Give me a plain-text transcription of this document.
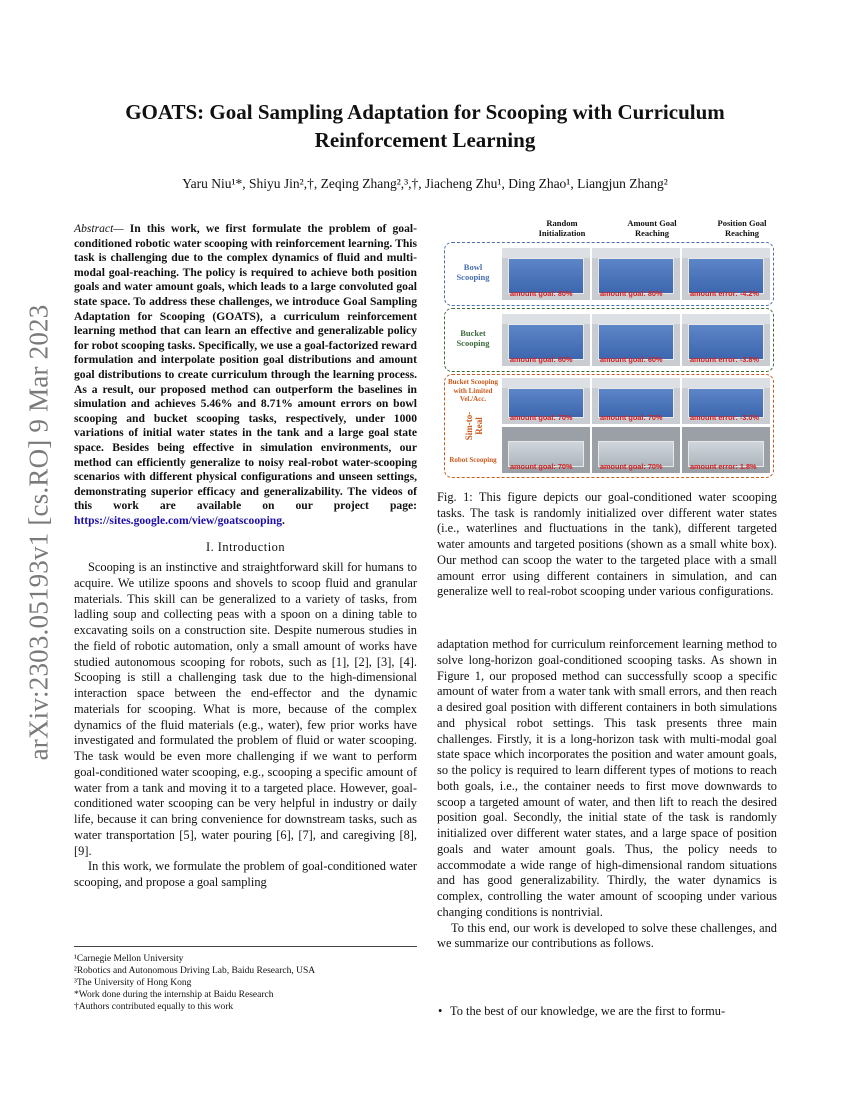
arXiv:2303.05193v1 [cs.RO] 9 Mar 2023
GOATS: Goal Sampling Adaptation for Scooping with Curriculum Reinforcement Learning
Yaru Niu¹*, Shiyu Jin²,†, Zeqing Zhang²,³,†, Jiacheng Zhu¹, Ding Zhao¹, Liangjun Zhang²
Abstract— In this work, we first formulate the problem of goal-conditioned robotic water scooping with reinforcement learning. This task is challenging due to the complex dynamics of fluid and multi-modal goal-reaching. The policy is required to achieve both position goals and water amount goals, which leads to a large convoluted goal state space. To address these challenges, we introduce Goal Sampling Adaptation for Scooping (GOATS), a curriculum reinforcement learning method that can learn an effective and generalizable policy for robot scooping tasks. Specifically, we use a goal-factorized reward formulation and interpolate position goal distributions and amount goal distributions to create curriculum through the learning process. As a result, our proposed method can outperform the baselines in simulation and achieves 5.46% and 8.71% amount errors on bowl scooping and bucket scooping tasks, respectively, under 1000 variations of initial water states in the tank and a large goal state space. Besides being effective in simulation environments, our method can efficiently generalize to noisy real-robot water-scooping scenarios with different physical configurations and unseen settings, demonstrating superior efficacy and generalizability. The videos of this work are available on our project page: https://sites.google.com/view/goatscooping.
I. Introduction

Scooping is an instinctive and straightforward skill for humans to acquire. We utilize spoons and shovels to scoop fluid and granular materials. This skill can be generalized to a variety of tasks, from ladling soup and collecting peas with a spoon on a dining table to excavating soils on a construction site. Despite numerous studies in the field of robotic automation, only a small amount of works have studied autonomous scooping for robots, such as [1], [2], [3], [4]. Scooping is still a challenging task due to the high-dimensional interaction space between the end-effector and the dynamic materials for scooping. What is more, because of the complex dynamics of the fluid materials (e.g., water), few prior works have investigated and formulated the problem of fluid or water scooping. The task would be even more challenging if we want to perform goal-conditioned water scooping, e.g., scooping a specific amount of water from a tank and moving it to a targeted place. However, goal-conditioned water scooping can be very helpful in industry or daily life, because it can bring convenience for downstream tasks, such as water transportation [5], water pouring [6], [7], and caregiving [8], [9].

In this work, we formulate the problem of goal-conditioned water scooping, and propose a goal sampling

¹Carnegie Mellon University
²Robotics and Autonomous Driving Lab, Baidu Research, USA
³The University of Hong Kong
*Work done during the internship at Baidu Research
†Authors contributed equally to this work
Random Initialization
Amount Goal Reaching
Position Goal Reaching
Bowl Scooping
amount goal: 80%	amount goal: 80%	amount error: -4.2%
Bucket Scooping
amount goal: 60%	amount goal: 60%	amount error: -3.8%
Bucket Scooping with Limited Vel./Acc.
Robot Scooping
Sim-to-Real	amount goal: 70%	amount goal: 70%	amount error: -3.0%
amount goal: 70%	amount goal: 70%	amount error: 1.8%
Fig. 1: This figure depicts our goal-conditioned water scooping tasks. The task is randomly initialized over different water states (i.e., waterlines and fluctuations in the tank), different targeted water amounts and targeted positions (shown as a small white box). Our method can scoop the water to the targeted place with a small amount error using different containers in simulation, and can generalize well to real-robot scooping under various configurations.

adaptation method for curriculum reinforcement learning method to solve long-horizon goal-conditioned scooping tasks. As shown in Figure 1, our proposed method can successfully scoop a specific amount of water from a water tank with small errors, and then reach a desired goal position with different containers in both simulations and physical robot settings. This task presents three main challenges. Firstly, it is a long-horizon task with multi-modal goal state space which incorporates the position and water amount goals, so the policy is required to learn different types of motions to reach both goals, i.e., the container needs to first move downwards to scoop a targeted amount of water, and then lift to reach the desired position goal. Secondly, the initial state of the task is randomly initialized over different water states, and a large space of position goals and water amount goals. Thus, the policy needs to accommodate a wide range of high-dimensional random situations and has good generalizability. Thirdly, the water dynamics is complex, controlling the water amount of scooping under various changing conditions is nontrivial.

To this end, our work is developed to solve these challenges, and we summarize our contributions as follows.

• To the best of our knowledge, we are the first to formu-
